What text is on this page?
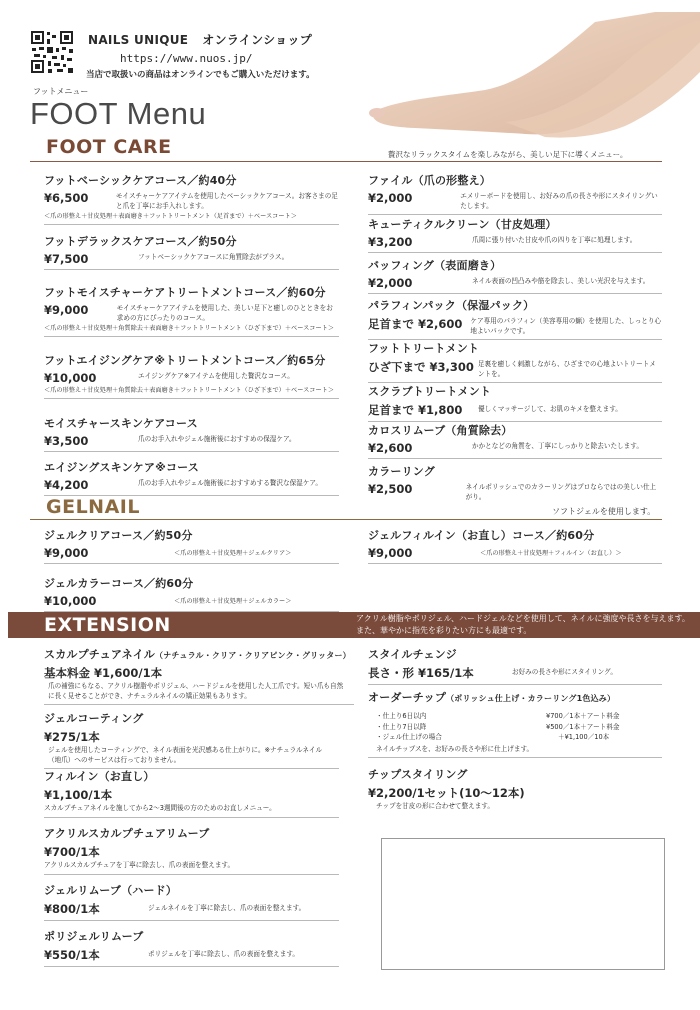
NAILS UNIQUE オンラインショップ
https://www.nuos.jp/
当店で取扱いの商品はオンラインでもご購入いただけます。
フットメニュー
FOOT Menu
FOOT CARE	贅沢なリラックスタイムを楽しみながら、美しい足下に導くメニュー。
フットベーシックケアコース／約40分
¥6,500	モイスチャーケアアイテムを使用したベーシックケアコース。お客さまの足と爪を丁寧にお手入れします。
＜爪の形整え＋甘皮処理＋表面磨き＋フットトリートメント（足首まで）＋ベースコート＞
フットデラックスケアコース／約50分
¥7,500	フットベーシックケアコースに角質除去がプラス。
フットモイスチャーケアトリートメントコース／約60分
¥9,000	モイスチャーケアアイテムを使用した、美しい足下と癒しのひとときをお求めの方にぴったりのコース。
＜爪の形整え＋甘皮処理＋角質除去＋表面磨き＋フットトリートメント（ひざ下まで）＋ベースコート＞
フットエイジングケア※トリートメントコース／約65分
¥10,000	エイジングケア※アイテムを使用した贅沢なコース。
＜爪の形整え＋甘皮処理＋角質除去＋表面磨き＋フットトリートメント（ひざ下まで）＋ベースコート＞
モイスチャースキンケアコース
¥3,500	爪のお手入れやジェル施術後におすすめの保湿ケア。
エイジングスキンケア※コース
¥4,200	爪のお手入れやジェル施術後におすすめする贅沢な保湿ケア。
ファイル（爪の形整え）
¥2,000	エメリーボードを使用し、お好みの爪の長さや形にスタイリングいたします。
キューティクルクリーン（甘皮処理）
¥3,200	爪周に張り付いた甘皮や爪の四りを丁寧に処理します。
バッフィング（表面磨き）
¥2,000	ネイル表面の凹凸みや筋を除去し、美しい光沢を与えます。
パラフィンパック（保湿パック）
足首まで ¥2,600 ケア専用のパラフィン（美容専用の蝋）を使用した、しっとり心地よいパックです。
フットトリートメント
ひざ下まで ¥3,300 足裏を癒しく刺激しながら、ひざまでの心地よいトリートメントを。
スクラブトリートメント
足首まで ¥1,800	優しくマッサージして、お肌のキメを整えます。
カロスリムーブ（角質除去）
¥2,600	かかとなどの角質を、丁寧にしっかりと除去いたします。
カラーリング
¥2,500	ネイルポリッシュでのカラーリングはプロならではの美しい仕上がり。
GELNAIL	ソフトジェルを使用します。
ジェルクリアコース／約50分
¥9,000	＜爪の形整え＋甘皮処理＋ジェルクリア＞
ジェルカラーコース／約60分
¥10,000	＜爪の形整え＋甘皮処理＋ジェルカラー＞
ジェルフィルイン（お直し）コース／約60分
¥9,000	＜爪の形整え＋甘皮処理＋フィルイン（お直し）＞
EXTENSION	アクリル樹脂やポリジェル、ハードジェルなどを使用して、ネイルに強度や長さを与えます。また、華やかに指先を彩りたい方にも最適です。
スカルプチュアネイル（ナチュラル・クリア・クリアピンク・グリッター）
基本料金 ¥1,600/1本
爪の補強にもなる、アクリル樹脂やポリジェル、ハードジェルを使用した人工爪です。短い爪も自然に長く見せることができ、ナチュラルネイルの矯正効果もあります。
ジェルコーティング
¥275/1本
ジェルを使用したコーティングで、ネイル表面を光沢感ある仕上がりに。※ナチュラルネイル（地爪）へのサービスは行っておりません。
フィルイン（お直し）
¥1,100/1本
スカルプチュアネイルを施してから2〜3週間後の方のためのお直しメニュー。
アクリルスカルプチュアリムーブ
¥700/1本
アクリルスカルプチュアを丁寧に除去し、爪の表面を整えます。
ジェルリムーブ（ハード）
¥800/1本	ジェルネイルを丁寧に除去し、爪の表面を整えます。
ポリジェルリムーブ
¥550/1本	ポリジェルを丁寧に除去し、爪の表面を整えます。
スタイルチェンジ
長さ・形 ¥165/1本	お好みの長さや形にスタイリング。
オーダーチップ（ポリッシュ仕上げ・カラーリング1色込み）
・仕上り6日以内	¥700／1本＋アート料金
・仕上り7日以降	¥500／1本＋アート料金
・ジェル仕上げの場合	＋¥1,100／10本
ネイルチップスを、お好みの長さや形に仕上げます。
チップスタイリング
¥2,200/1セット(10〜12本)
チップを甘皮の形に合わせて整えます。
